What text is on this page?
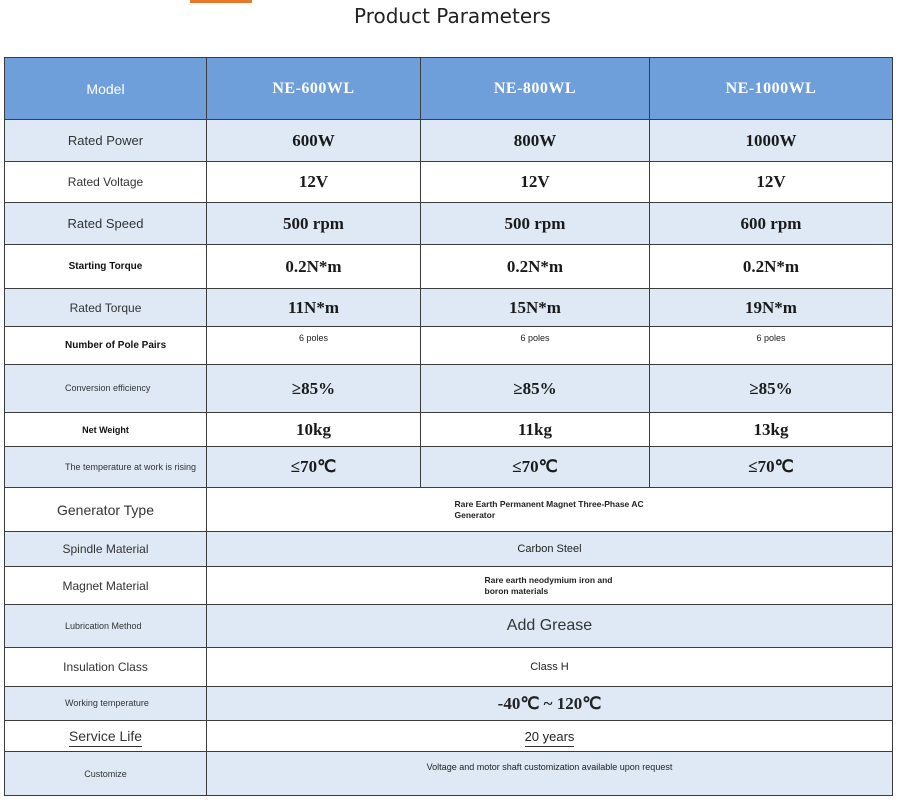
Product Parameters
Model	NE-600WL	NE-800WL	NE-1000WL
Rated Power	600W	800W	1000W
Rated Voltage	12V	12V	12V
Rated Speed	500 rpm	500 rpm	600 rpm
Starting Torque	0.2N*m	0.2N*m	0.2N*m
Rated Torque	11N*m	15N*m	19N*m
Number of Pole Pairs	6 poles	6 poles	6 poles
Conversion efficiency	≥85%	≥85%	≥85%
Net Weight	10kg	11kg	13kg
The temperature at work is rising	≤70℃	≤70℃	≤70℃
Generator Type	Rare Earth Permanent Magnet Three-Phase AC Generator		
Spindle Material	Carbon Steel		
Magnet Material	Rare earth neodymium iron and boron materials		
Lubrication Method	Add Grease		
Insulation Class	Class H		
Working temperature	-40℃ ~ 120℃		
Service Life	20 years		
Customize	Voltage and motor shaft customization available upon request		
